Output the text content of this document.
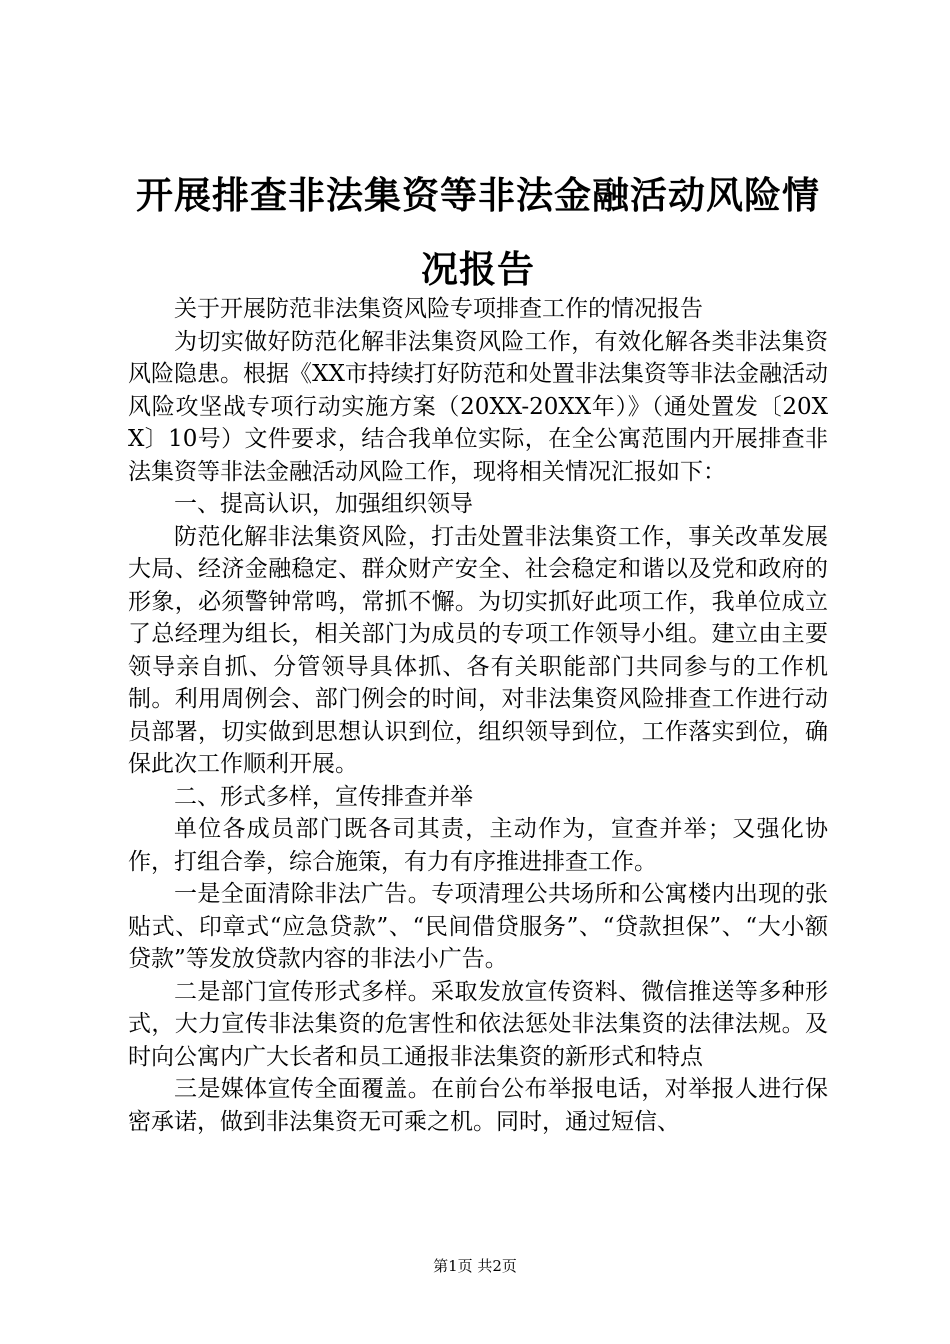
开展排查非法集资等非法金融活动风险情况报告

关于开展防范非法集资风险专项排查工作的情况报告

为切实做好防范化解非法集资风险工作，有效化解各类非法集资风险隐患。根据《XX市持续打好防范和处置非法集资等非法金融活动风险攻坚战专项行动实施方案（20XX-20XX年）》（通处置发〔20XX〕10号）文件要求，结合我单位实际，在全公寓范围内开展排查非法集资等非法金融活动风险工作，现将相关情况汇报如下：

一、提高认识，加强组织领导

防范化解非法集资风险，打击处置非法集资工作，事关改革发展大局、经济金融稳定、群众财产安全、社会稳定和谐以及党和政府的形象，必须警钟常鸣，常抓不懈。为切实抓好此项工作，我单位成立了总经理为组长，相关部门为成员的专项工作领导小组。建立由主要领导亲自抓、分管领导具体抓、各有关职能部门共同参与的工作机制。利用周例会、部门例会的时间，对非法集资风险排查工作进行动员部署，切实做到思想认识到位，组织领导到位，工作落实到位，确保此次工作顺利开展。

二、形式多样，宣传排查并举

单位各成员部门既各司其责，主动作为，宣查并举；又强化协作，打组合拳，综合施策，有力有序推进排查工作。

一是全面清除非法广告。专项清理公共场所和公寓楼内出现的张贴式、印章式“应急贷款”、“民间借贷服务”、“贷款担保”、“大小额贷款”等发放贷款内容的非法小广告。

二是部门宣传形式多样。采取发放宣传资料、微信推送等多种形式，大力宣传非法集资的危害性和依法惩处非法集资的法律法规。及时向公寓内广大长者和员工通报非法集资的新形式和特点

三是媒体宣传全面覆盖。在前台公布举报电话，对举报人进行保密承诺，做到非法集资无可乘之机。同时，通过短信、

第1页 共2页
